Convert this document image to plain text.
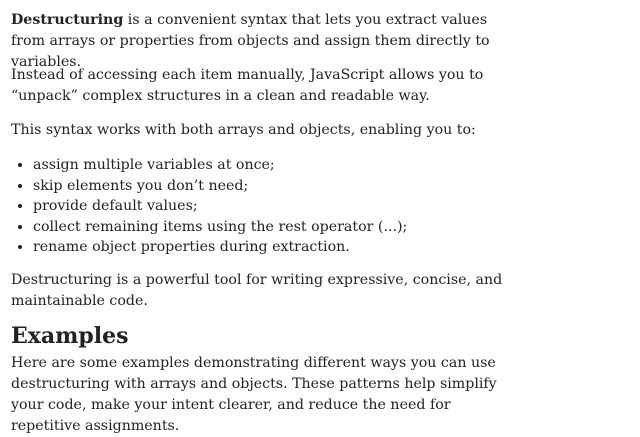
Destructuring is a convenient syntax that lets you extract values from arrays or properties from objects and assign them directly to variables.

Instead of accessing each item manually, JavaScript allows you to “unpack” complex structures in a clean and readable way.

This syntax works with both arrays and objects, enabling you to:

• assign multiple variables at once;
• skip elements you don’t need;
• provide default values;
• collect remaining items using the rest operator (...);
• rename object properties during extraction.

Destructuring is a powerful tool for writing expressive, concise, and maintainable code.

Examples

Here are some examples demonstrating different ways you can use destructuring with arrays and objects. These patterns help simplify your code, make your intent clearer, and reduce the need for repetitive assignments.
